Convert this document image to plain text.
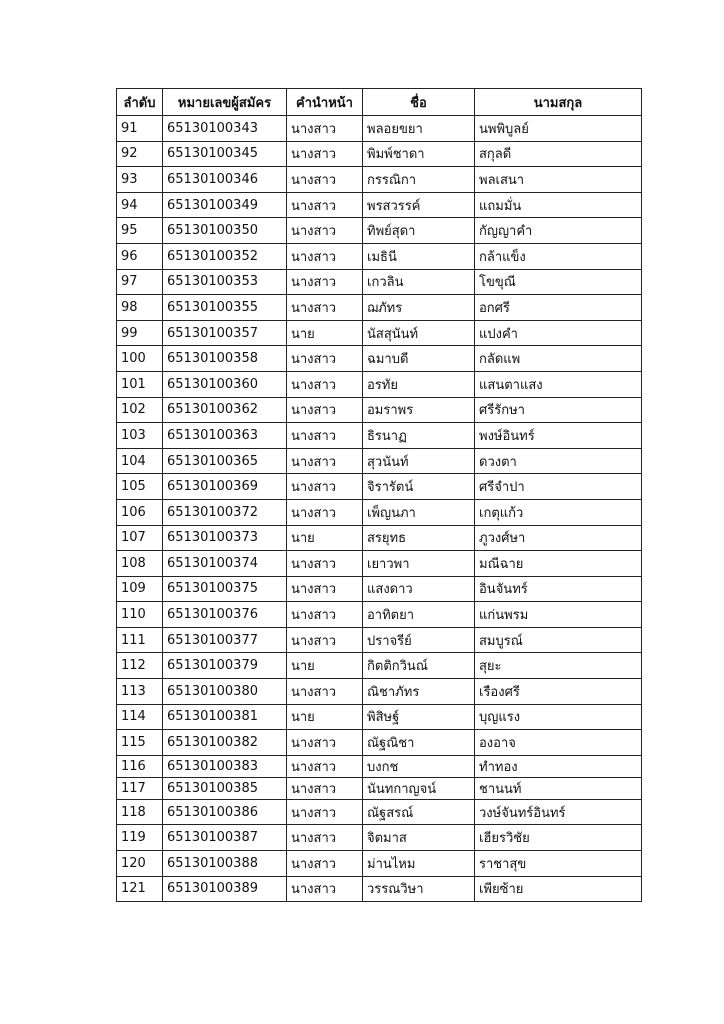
ลำดับ	หมายเลขผู้สมัคร	คำนำหน้า	ชื่อ	นามสกุล
91	65130100343	นางสาว	พลอยขยา	นพพิบูลย์
92	65130100345	นางสาว	พิมพ์ชาดา	สกุลดี
93	65130100346	นางสาว	กรรณิกา	พลเสนา
94	65130100349	นางสาว	พรสวรรค์	แถมมั่น
95	65130100350	นางสาว	ทิพย์สุดา	กัญญาคำ
96	65130100352	นางสาว	เมธินี	กล้าแข็ง
97	65130100353	นางสาว	เกวลิน	โขขุณี
98	65130100355	นางสาว	ฌภัทร	อกศรี
99	65130100357	นาย	นัสสุนันท์	แปงคำ
100	65130100358	นางสาว	ฉมาบดี	กลัดแพ
101	65130100360	นางสาว	อรทัย	แสนตาแสง
102	65130100362	นางสาว	อมราพร	ศรีรักษา
103	65130100363	นางสาว	ธิรนาฏ	พงษ์อินทร์
104	65130100365	นางสาว	สุวนันท์	ดวงตา
105	65130100369	นางสาว	จิรารัตน์	ศรีจำปา
106	65130100372	นางสาว	เพ็ญนภา	เกตุแก้ว
107	65130100373	นาย	สรยุทธ	ภูวงศ์ษา
108	65130100374	นางสาว	เยาวพา	มณีฉาย
109	65130100375	นางสาว	แสงดาว	อินจันทร์
110	65130100376	นางสาว	อาทิตยา	แก่นพรม
111	65130100377	นางสาว	ปราจรีย์	สมบูรณ์
112	65130100379	นาย	กิตติกวินณ์	สุยะ
113	65130100380	นางสาว	ณิชาภัทร	เรืองศรี
114	65130100381	นาย	พิสิษฐ์	บุญแรง
115	65130100382	นางสาว	ณัฐณิชา	องอาจ
116	65130100383	นางสาว	บงกช	ทำทอง
117	65130100385	นางสาว	นันทกาญจน์	ชานนท์
118	65130100386	นางสาว	ณัฐสรณ์	วงษ์จันทร์อินทร์
119	65130100387	นางสาว	จิตมาส	เฮียรวิชัย
120	65130100388	นางสาว	ม่านไหม	ราชาสุข
121	65130100389	นางสาว	วรรณวิษา	เพียซ้าย
